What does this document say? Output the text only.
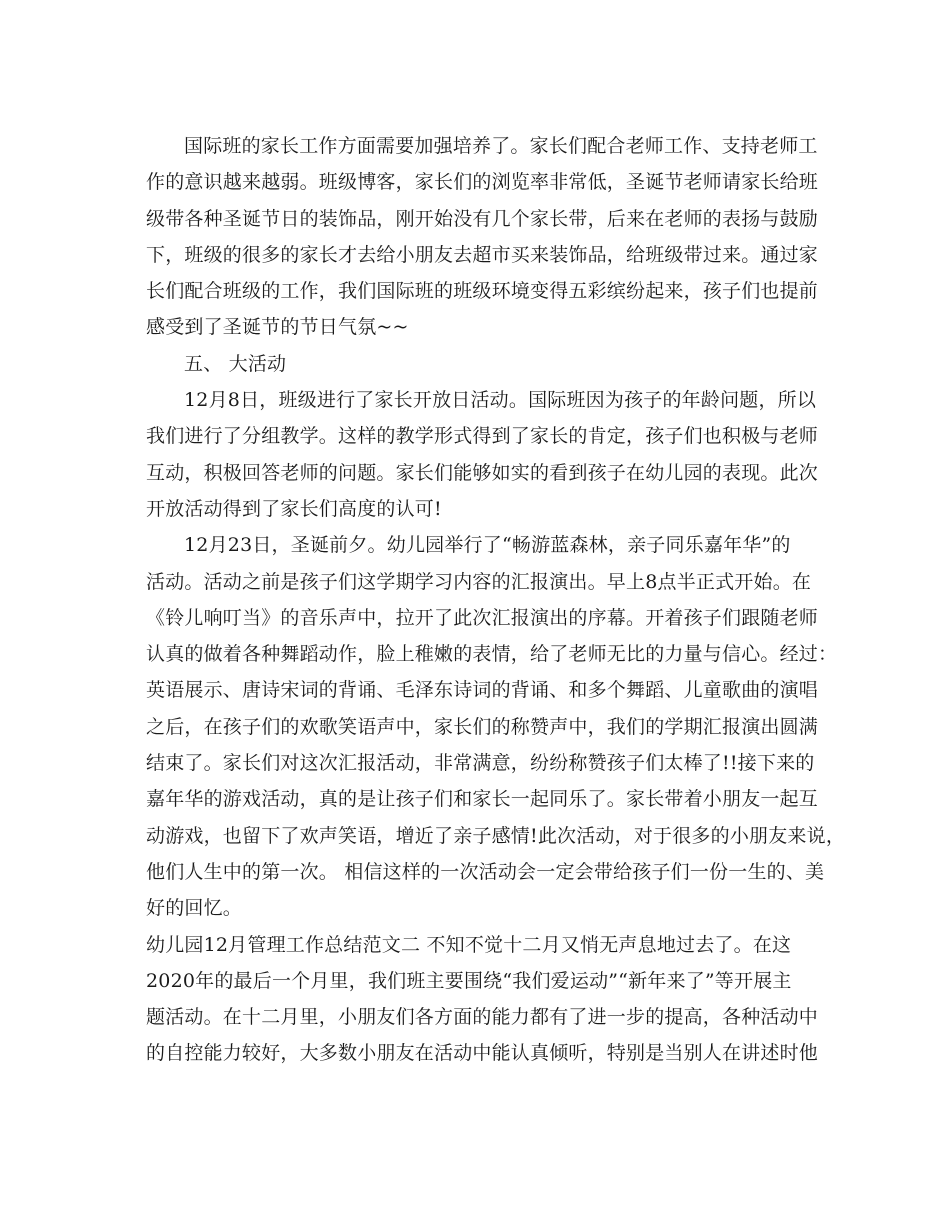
国际班的家长工作方面需要加强培养了。家长们配合老师工作、支持老师工
作的意识越来越弱。班级博客，家长们的浏览率非常低，圣诞节老师请家长给班
级带各种圣诞节日的装饰品，刚开始没有几个家长带，后来在老师的表扬与鼓励
下，班级的很多的家长才去给小朋友去超市买来装饰品，给班级带过来。通过家
长们配合班级的工作，我们国际班的班级环境变得五彩缤纷起来，孩子们也提前
感受到了圣诞节的节日气氛~~
五、 大活动
12月8日，班级进行了家长开放日活动。国际班因为孩子的年龄问题，所以
我们进行了分组教学。这样的教学形式得到了家长的肯定，孩子们也积极与老师
互动，积极回答老师的问题。家长们能够如实的看到孩子在幼儿园的表现。此次
开放活动得到了家长们高度的认可!
12月23日，圣诞前夕。幼儿园举行了“畅游蓝森林，亲子同乐嘉年华”的
活动。活动之前是孩子们这学期学习内容的汇报演出。早上8点半正式开始。在
《铃儿响叮当》的音乐声中，拉开了此次汇报演出的序幕。开着孩子们跟随老师
认真的做着各种舞蹈动作，脸上稚嫩的表情，给了老师无比的力量与信心。经过：
英语展示、唐诗宋词的背诵、毛泽东诗词的背诵、和多个舞蹈、儿童歌曲的演唱
之后，在孩子们的欢歌笑语声中，家长们的称赞声中，我们的学期汇报演出圆满
结束了。家长们对这次汇报活动，非常满意，纷纷称赞孩子们太棒了!!接下来的
嘉年华的游戏活动，真的是让孩子们和家长一起同乐了。家长带着小朋友一起互
动游戏，也留下了欢声笑语，增近了亲子感情!此次活动，对于很多的小朋友来说，
他们人生中的第一次。 相信这样的一次活动会一定会带给孩子们一份一生的、美
好的回忆。
幼儿园12月管理工作总结范文二 不知不觉十二月又悄无声息地过去了。在这
2020年的最后一个月里，我们班主要围绕“我们爱运动”“新年来了”等开展主
题活动。在十二月里，小朋友们各方面的能力都有了进一步的提高，各种活动中
的自控能力较好，大多数小朋友在活动中能认真倾听，特别是当别人在讲述时他
